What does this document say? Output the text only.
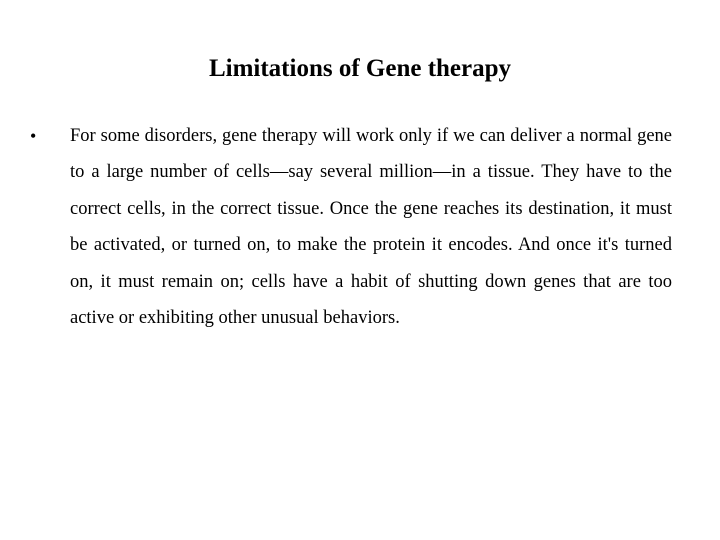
Limitations of Gene therapy
• For some disorders, gene therapy will work only if we can deliver a normal gene to a large number of cells—say several million—in a tissue. They have to the correct cells, in the correct tissue. Once the gene reaches its destination, it must be activated, or turned on, to make the protein it encodes. And once it's turned on, it must remain on; cells have a habit of shutting down genes that are too active or exhibiting other unusual behaviors.
